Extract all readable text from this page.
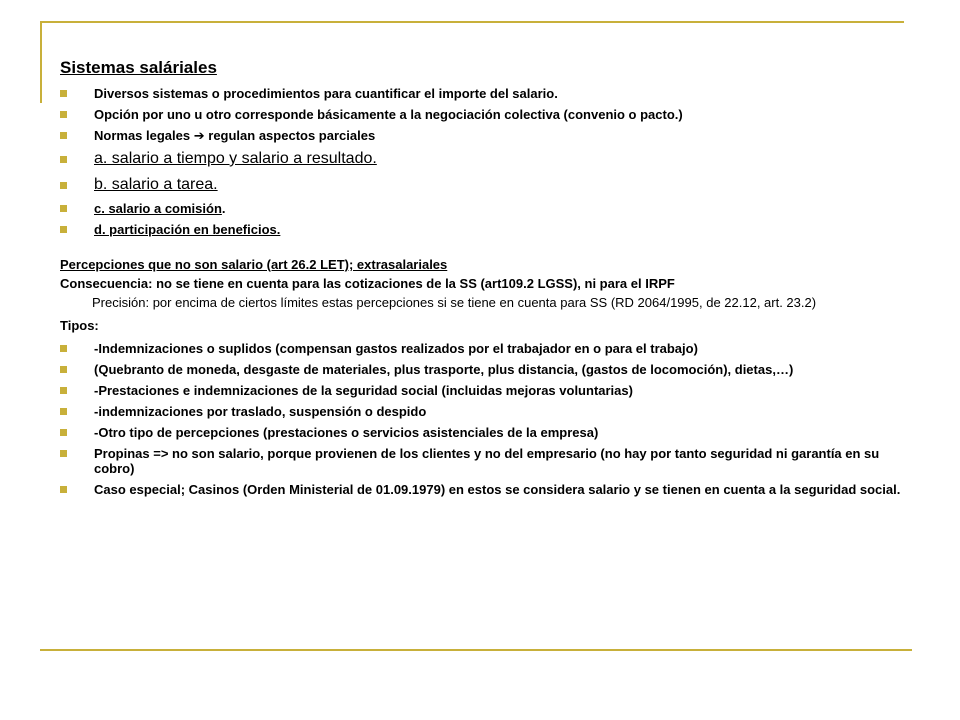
Sistemas saláriales
Diversos sistemas o procedimientos para cuantificar el importe del salario.
Opción por uno u otro corresponde básicamente a la negociación colectiva (convenio o pacto.)
Normas legales ➔ regulan aspectos parciales
a. salario a tiempo y salario a resultado.
b. salario a tarea.
c. salario a comisión.
d. participación en beneficios.

Percepciones que no son salario (art 26.2 LET); extrasalariales

Consecuencia: no se tiene en cuenta para las cotizaciones de la SS (art109.2 LGSS), ni para el IRPF

Precisión: por encima de ciertos límites estas percepciones si se tiene en cuenta para SS (RD 2064/1995, de 22.12, art. 23.2)

Tipos:

-Indemnizaciones o suplidos (compensan gastos realizados por el trabajador en o para el trabajo)
(Quebranto de moneda, desgaste de materiales, plus trasporte, plus distancia, (gastos de locomoción), dietas,…)
-Prestaciones e indemnizaciones de la seguridad social (incluidas mejoras voluntarias)
-indemnizaciones por traslado, suspensión o despido
-Otro tipo de percepciones (prestaciones o servicios asistenciales de la empresa)
Propinas => no son salario, porque provienen de los clientes y no del empresario (no hay por tanto seguridad ni garantía en su cobro)
Caso especial; Casinos (Orden Ministerial de 01.09.1979) en estos se considera salario y se tienen en cuenta a la seguridad social.
